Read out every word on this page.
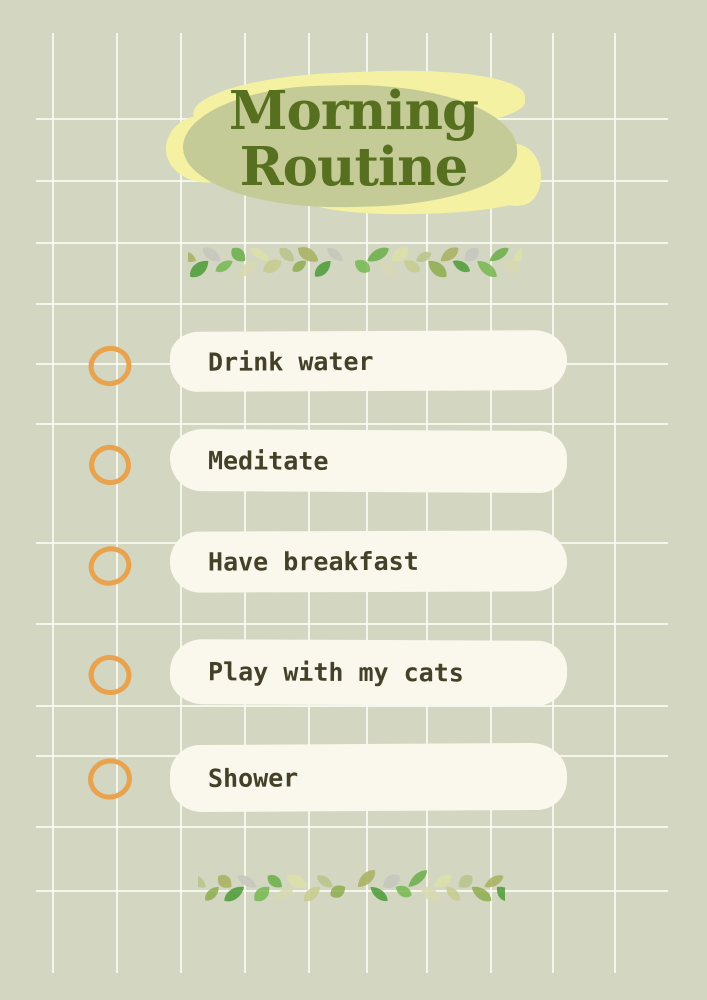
Morning
Routine
Drink water
Meditate
Have breakfast
Play with my cats
Shower
